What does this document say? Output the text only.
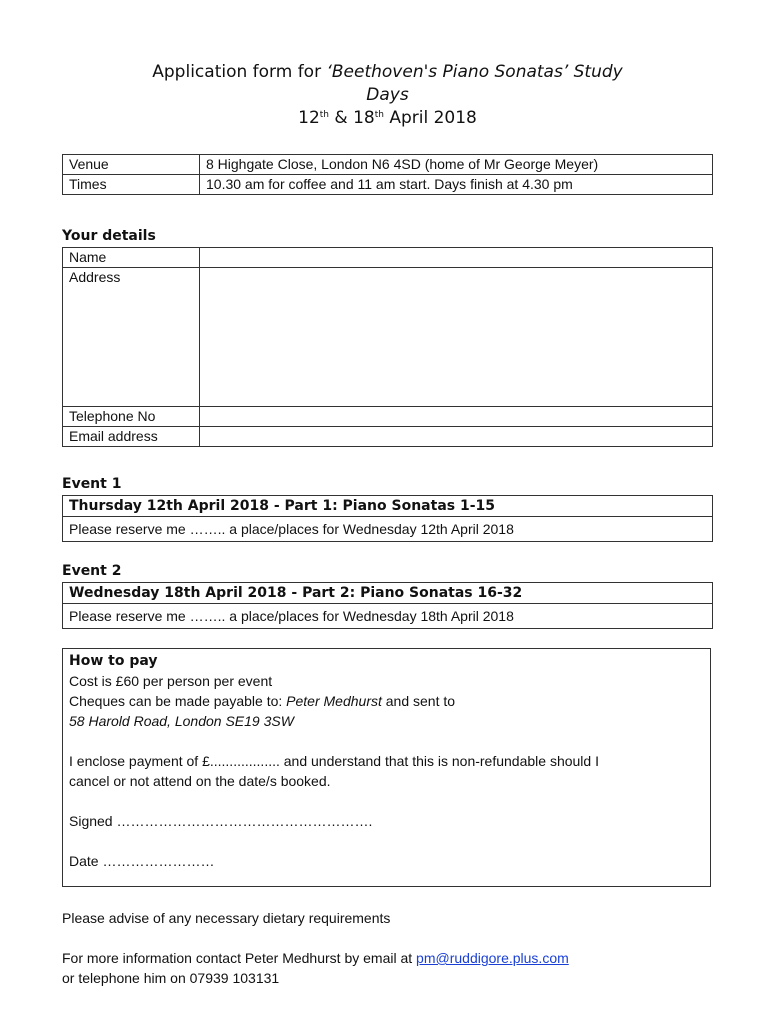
Application form for ‘Beethoven's Piano Sonatas’ Study
Days
12th & 18th April 2018
Venue	8 Highgate Close, London N6 4SD (home of Mr George Meyer)
Times	10.30 am for coffee and 11 am start. Days finish at 4.30 pm
Your details
Name	
Address	
Telephone No	
Email address	
Event 1
Thursday 12th April 2018 - Part 1: Piano Sonatas 1-15
Please reserve me …….. a place/places for Wednesday 12th April 2018
Event 2
Wednesday 18th April 2018 - Part 2: Piano Sonatas 16-32
Please reserve me …….. a place/places for Wednesday 18th April 2018
How to pay
Cost is £60 per person per event
Cheques can be made payable to: Peter Medhurst and sent to
58 Harold Road, London SE19 3SW
I enclose payment of £.................. and understand that this is non-refundable should I
cancel or not attend on the date/s booked.
Signed ……………………………………………….
Date ……………………
Please advise of any necessary dietary requirements
For more information contact Peter Medhurst by email at pm@ruddigore.plus.com
or telephone him on 07939 103131
